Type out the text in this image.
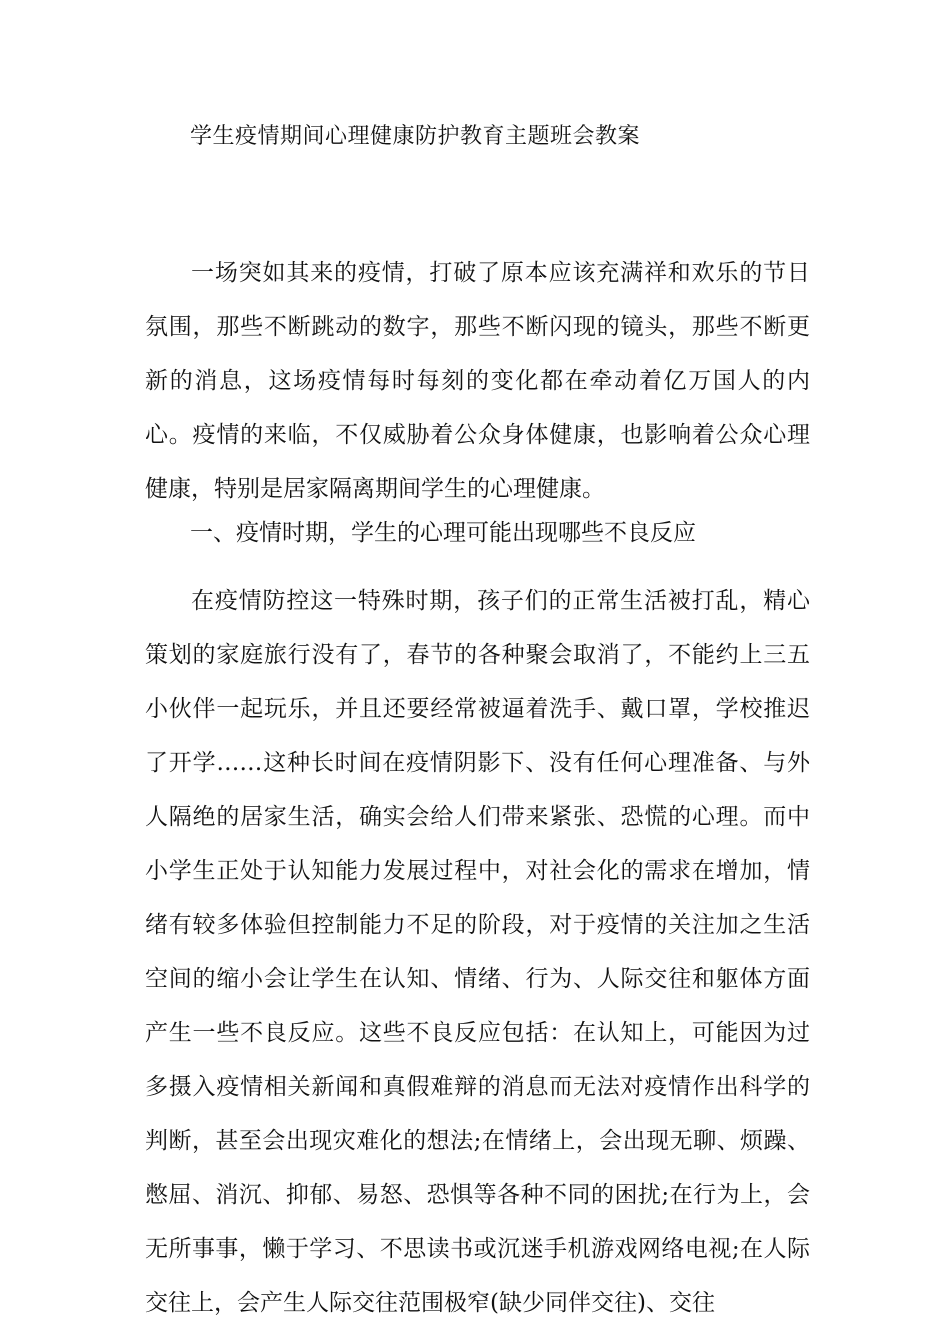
学生疫情期间心理健康防护教育主题班会教案
一场突如其来的疫情，打破了原本应该充满祥和欢乐的节日氛围，那些不断跳动的数字，那些不断闪现的镜头，那些不断更新的消息，这场疫情每时每刻的变化都在牵动着亿万国人的内心。疫情的来临，不仅威胁着公众身体健康，也影响着公众心理健康，特别是居家隔离期间学生的心理健康。
一、疫情时期，学生的心理可能出现哪些不良反应
在疫情防控这一特殊时期，孩子们的正常生活被打乱，精心策划的家庭旅行没有了，春节的各种聚会取消了，不能约上三五小伙伴一起玩乐，并且还要经常被逼着洗手、戴口罩，学校推迟了开学……这种长时间在疫情阴影下、没有任何心理准备、与外人隔绝的居家生活，确实会给人们带来紧张、恐慌的心理。而中小学生正处于认知能力发展过程中，对社会化的需求在增加，情绪有较多体验但控制能力不足的阶段，对于疫情的关注加之生活空间的缩小会让学生在认知、情绪、行为、人际交往和躯体方面产生一些不良反应。这些不良反应包括：在认知上，可能因为过多摄入疫情相关新闻和真假难辩的消息而无法对疫情作出科学的判断，甚至会出现灾难化的想法;在情绪上，会出现无聊、烦躁、憋屈、消沉、抑郁、易怒、恐惧等各种不同的困扰;在行为上，会无所事事，懒于学习、不思读书或沉迷手机游戏网络电视;在人际交往上，会产生人际交往范围极窄(缺少同伴交往)、交往
